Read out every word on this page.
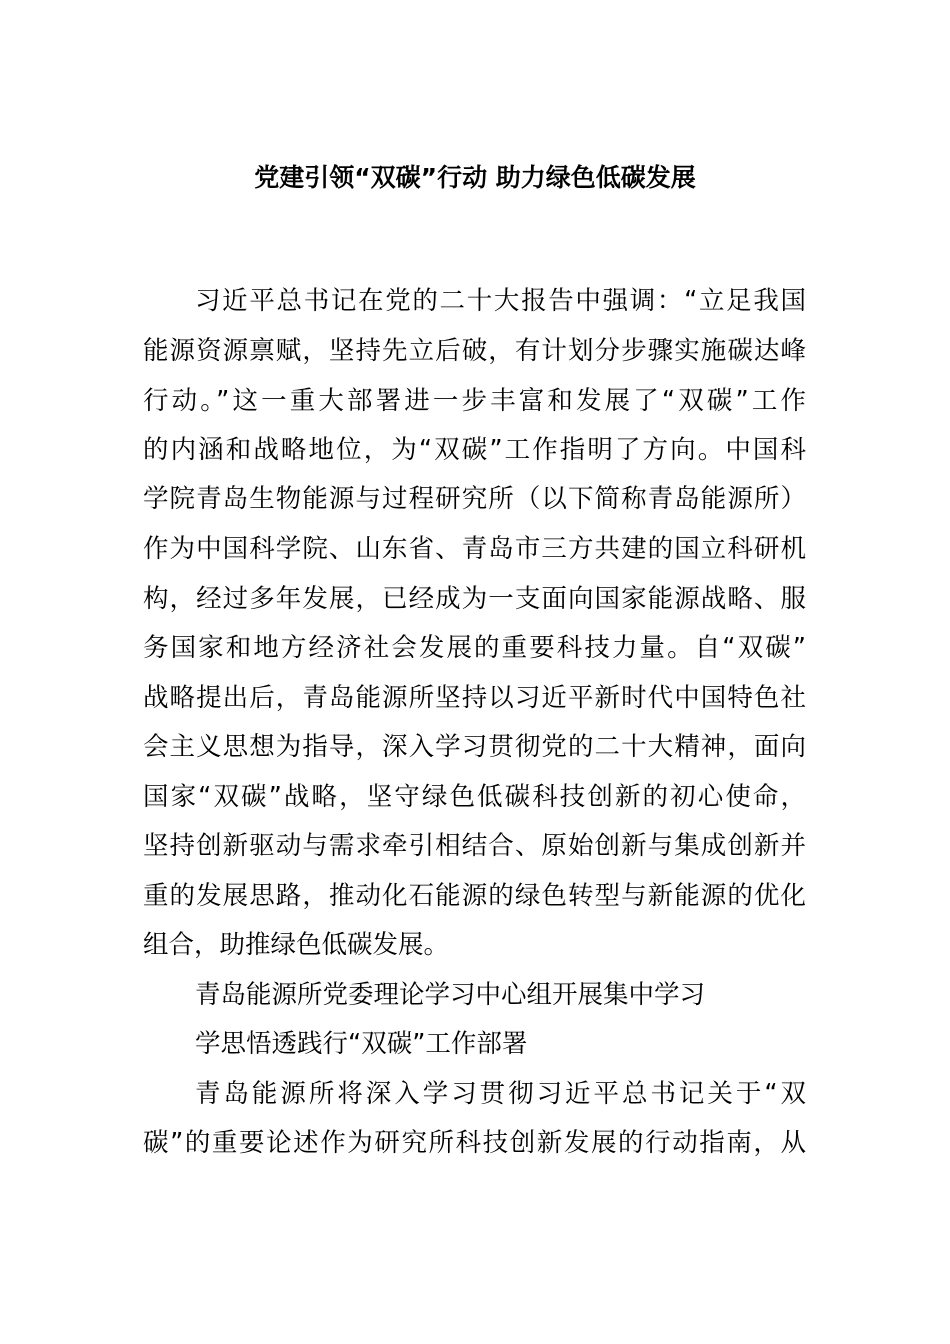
党建引领“双碳”行动 助力绿色低碳发展
习近平总书记在党的二十大报告中强调：“立足我国
能源资源禀赋，坚持先立后破，有计划分步骤实施碳达峰
行动。”这一重大部署进一步丰富和发展了“双碳”工作
的内涵和战略地位，为“双碳”工作指明了方向。中国科
学院青岛生物能源与过程研究所（以下简称青岛能源所）
作为中国科学院、山东省、青岛市三方共建的国立科研机
构，经过多年发展，已经成为一支面向国家能源战略、服
务国家和地方经济社会发展的重要科技力量。自“双碳”
战略提出后，青岛能源所坚持以习近平新时代中国特色社
会主义思想为指导，深入学习贯彻党的二十大精神，面向
国家“双碳”战略，坚守绿色低碳科技创新的初心使命，
坚持创新驱动与需求牵引相结合、原始创新与集成创新并
重的发展思路，推动化石能源的绿色转型与新能源的优化
组合，助推绿色低碳发展。
青岛能源所党委理论学习中心组开展集中学习
学思悟透践行“双碳”工作部署
青岛能源所将深入学习贯彻习近平总书记关于“双
碳”的重要论述作为研究所科技创新发展的行动指南，从
